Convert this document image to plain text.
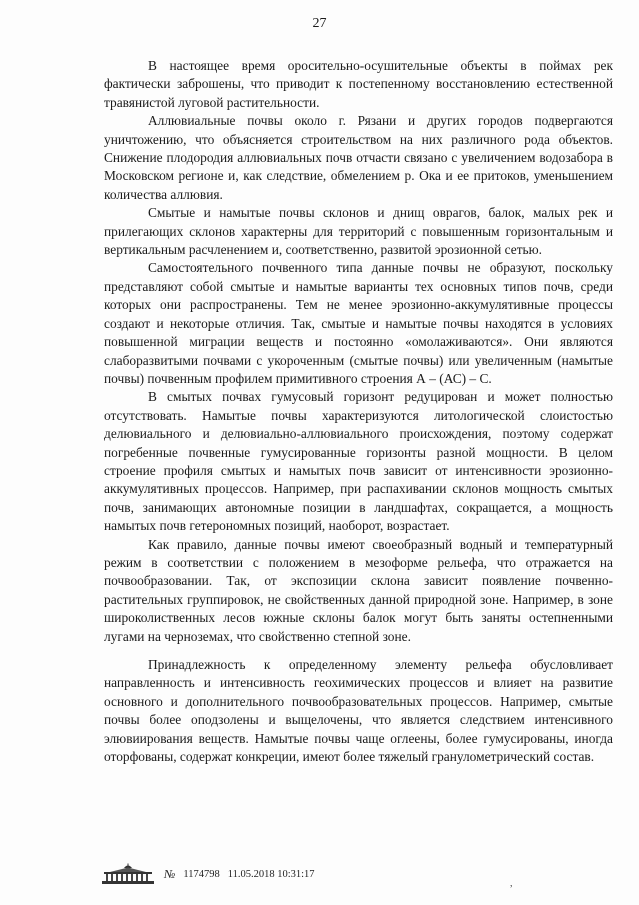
27

В настоящее время оросительно-осушительные объекты в поймах рек фактически заброшены, что приводит к постепенному восстановлению естественной травянистой луговой растительности.

Аллювиальные почвы около г. Рязани и других городов подвергаются уничтожению, что объясняется строительством на них различного рода объектов. Снижение плодородия аллювиальных почв отчасти связано с увеличением водозабора в Московском регионе и, как следствие, обмелением р. Ока и ее притоков, уменьшением количества аллювия.

Смытые и намытые почвы склонов и днищ оврагов, балок, малых рек и прилегающих склонов характерны для территорий с повышенным горизонтальным и вертикальным расчленением и, соответственно, развитой эрозионной сетью.

Самостоятельного почвенного типа данные почвы не образуют, поскольку представляют собой смытые и намытые варианты тех основных типов почв, среди которых они распространены. Тем не менее эрозионно-аккумулятивные процессы создают и некоторые отличия. Так, смытые и намытые почвы находятся в условиях повышенной миграции веществ и постоянно «омолаживаются». Они являются слаборазвитыми почвами с укороченным (смытые почвы) или увеличенным (намытые почвы) почвенным профилем примитивного строения А – (АС) – С.

В смытых почвах гумусовый горизонт редуцирован и может полностью отсутствовать. Намытые почвы характеризуются литологической слоистостью делювиального и делювиально-аллювиального происхождения, поэтому содержат погребенные почвенные гумусированные горизонты разной мощности. В целом строение профиля смытых и намытых почв зависит от интенсивности эрозионно-аккумулятивных процессов. Например, при распахивании склонов мощность смытых почв, занимающих автономные позиции в ландшафтах, сокращается, а мощность намытых почв гетерономных позиций, наоборот, возрастает.

Как правило, данные почвы имеют своеобразный водный и температурный режим в соответствии с положением в мезоформе рельефа, что отражается на почвообразовании. Так, от экспозиции склона зависит появление почвенно-растительных группировок, не свойственных данной природной зоне. Например, в зоне широколиственных лесов южные склоны балок могут быть заняты остепненными лугами на черноземах, что свойственно степной зоне.

Принадлежность к определенному элементу рельефа обусловливает направленность и интенсивность геохимических процессов и влияет на развитие основного и дополнительного почвообразовательных процессов. Например, смытые почвы более оподзолены и выщелочены, что является следствием интенсивного элювиирования веществ. Намытые почвы чаще оглеены, более гумусированы, иногда оторфованы, содержат конкреции, имеют более тяжелый гранулометрический состав.

№ 1174798 11.05.2018 10:31:17
,
